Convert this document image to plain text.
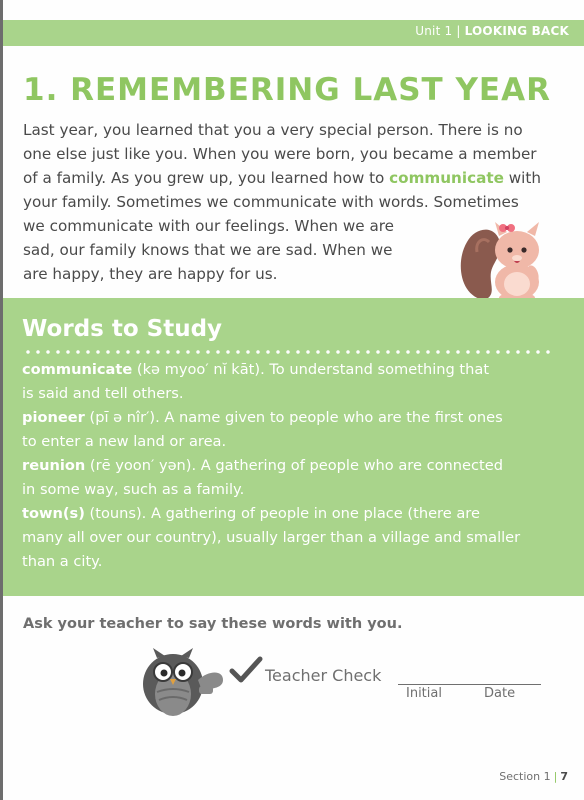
Unit 1 | LOOKING BACK
1. REMEMBERING LAST YEAR
Last year, you learned that you a very special person. There is no
one else just like you. When you were born, you became a member
of a family. As you grew up, you learned how to communicate with
your family. Sometimes we communicate with words. Sometimes
we communicate with our feelings. When we are
sad, our family knows that we are sad. When we
are happy, they are happy for us.
Words to Study
communicate (kə myoo′ nĭ kāt). To understand something that
is said and tell others.
pioneer (pī ə nîr′). A name given to people who are the first ones
to enter a new land or area.
reunion (rē yoon′ yən). A gathering of people who are connected
in some way, such as a family.
town(s) (touns). A gathering of people in one place (there are
many all over our country), usually larger than a village and smaller
than a city.

Ask your teacher to say these words with you.

Teacher Check
Initial	Date
Section 1 | 7
